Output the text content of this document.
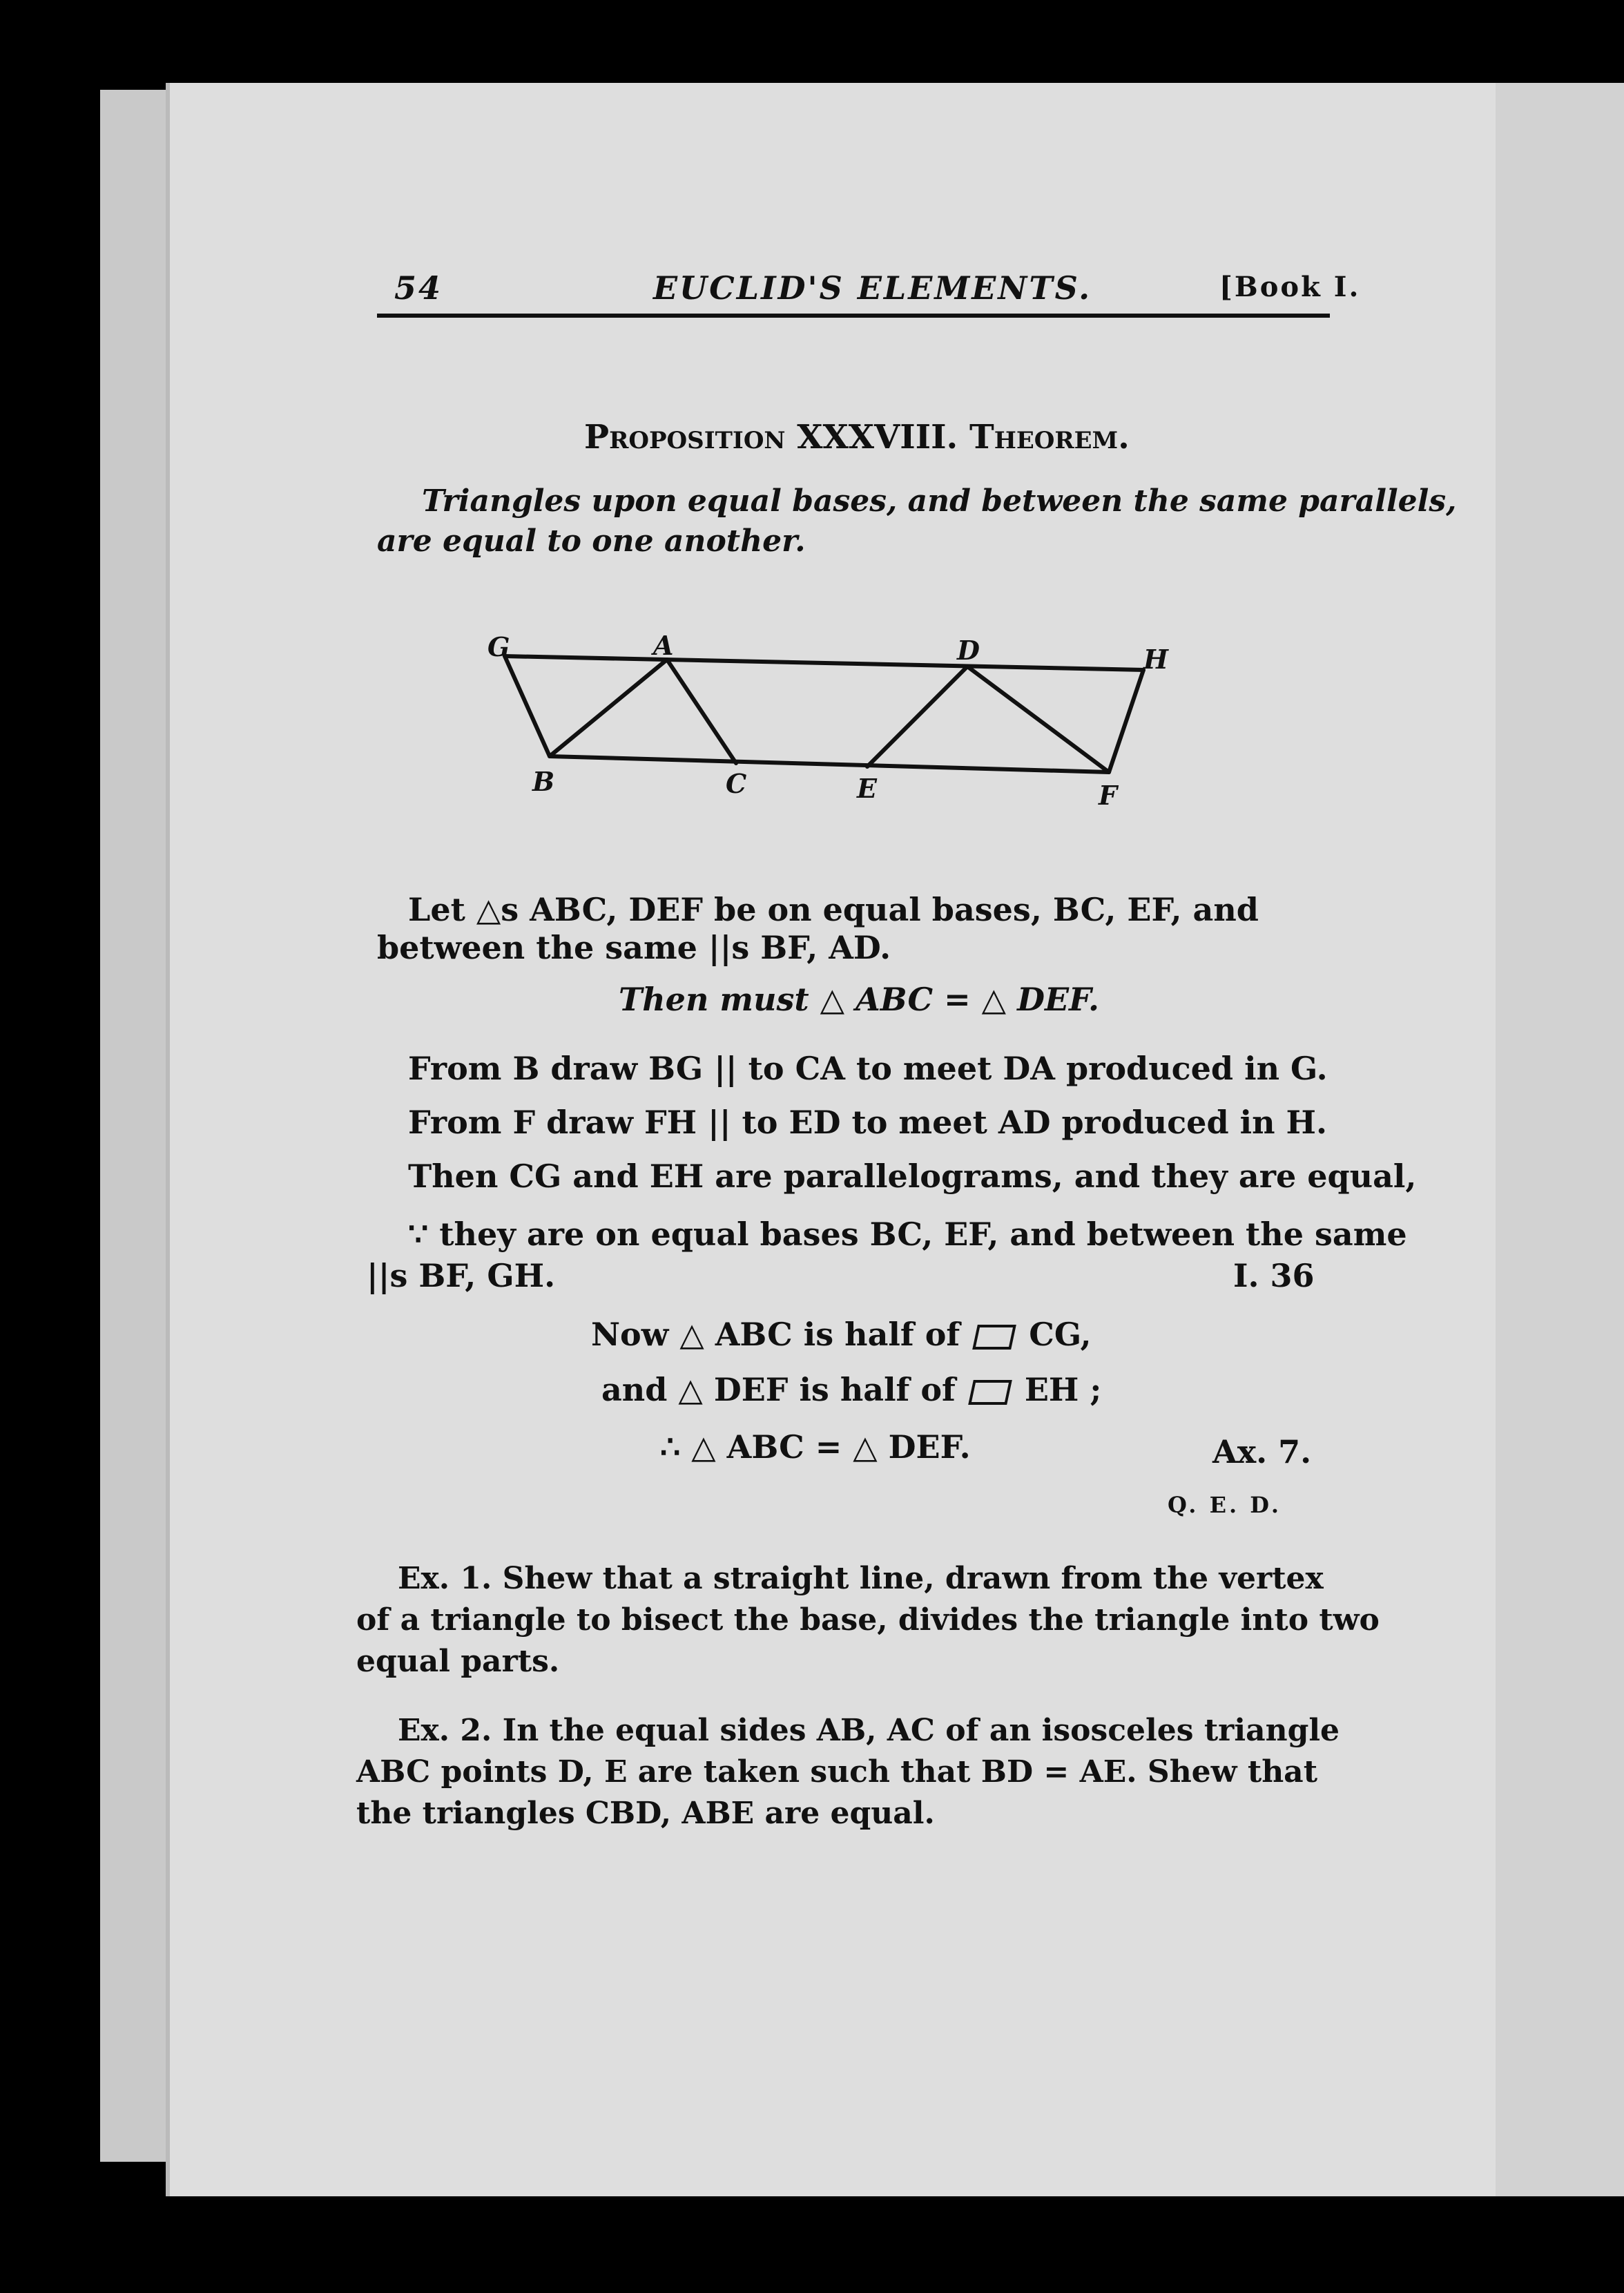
54	EUCLID'S ELEMENTS.	[Book I.
Proposition XXXVIII. Theorem.
Triangles upon equal bases, and between the same parallels,
are equal to one another.
G	A	D	H
B	C	E	F
Let △s ABC, DEF be on equal bases, BC, EF, and
between the same ||s BF, AD.
Then must △ ABC = △ DEF.
From B draw BG || to CA to meet DA produced in G.
From F draw FH || to ED to meet AD produced in H.
Then CG and EH are parallelograms, and they are equal,
∵ they are on equal bases BC, EF, and between the same
||s BF, GH.	I. 36
Now △ ABC is half of CG,
and △ DEF is half of EH ;
∴ △ ABC = △ DEF.	Ax. 7.
Q. E. D.
Ex. 1. Shew that a straight line, drawn from the vertex
of a triangle to bisect the base, divides the triangle into two
equal parts.
Ex. 2. In the equal sides AB, AC of an isosceles triangle
ABC points D, E are taken such that BD = AE. Shew that
the triangles CBD, ABE are equal.
